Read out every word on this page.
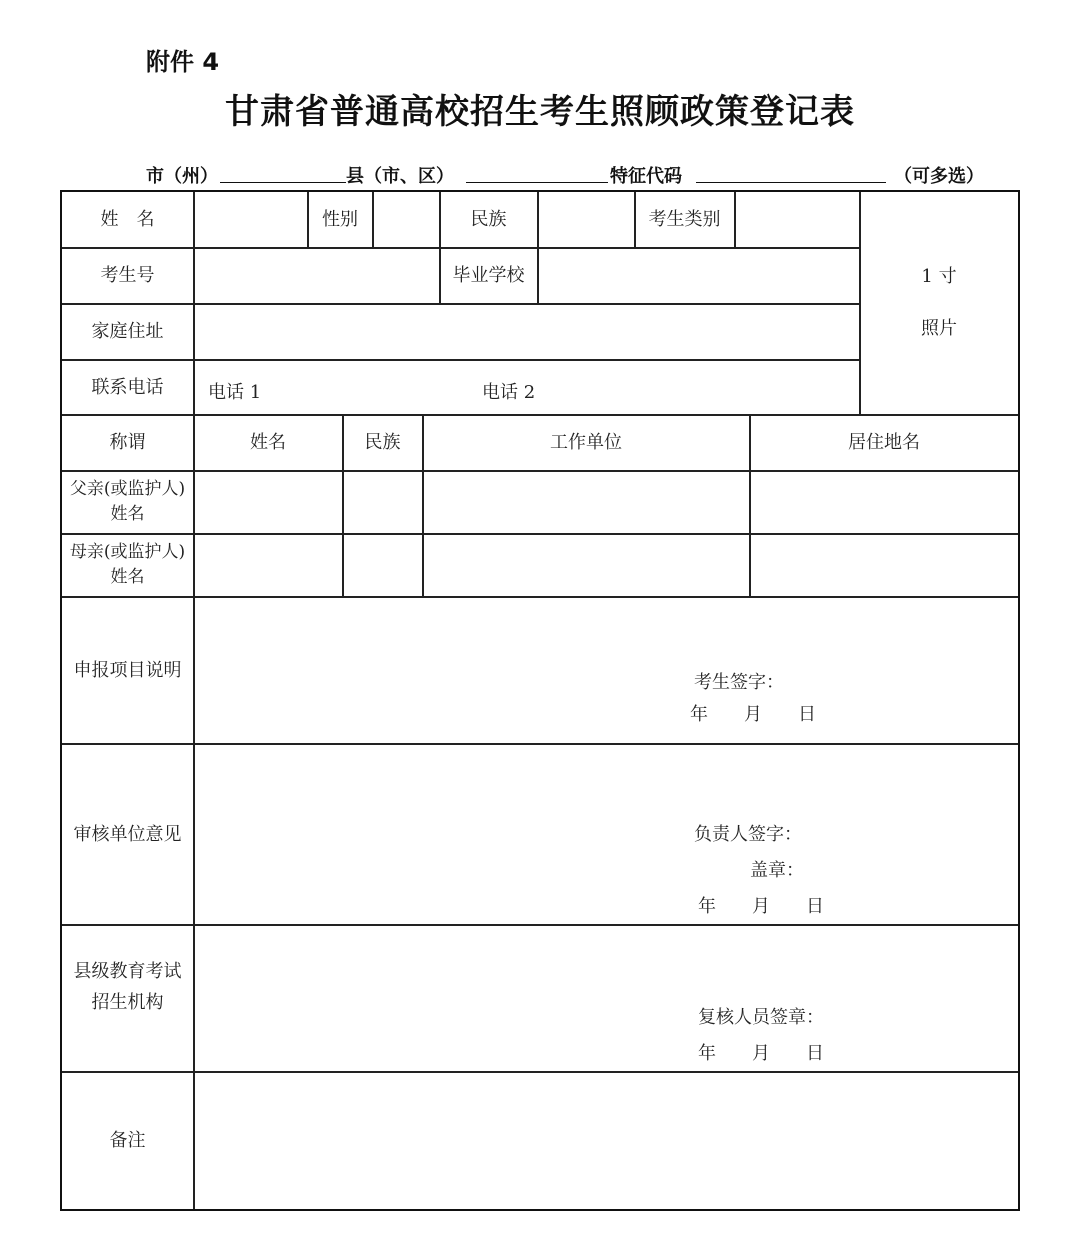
附件 4
甘肃省普通高校招生考生照顾政策登记表
市（州）	县（市、区）	特征代码	（可多选）
姓　名	性别	民族	考生类别
1 寸
照片
考生号	毕业学校
家庭住址
联系电话	电话 1	电话 2
称谓	姓名	民族	工作单位	居住地名
父亲(或监护人)姓名
母亲(或监护人)姓名
申报项目说明
考生签字：
年　　月　　日
审核单位意见	负责人签字：
盖章：
年　　月　　日
县级教育考试招生机构
复核人员签章：
年　　月　　日
备注
